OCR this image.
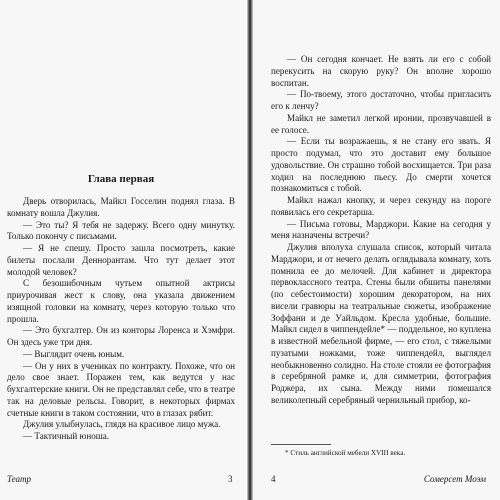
Глава первая

Дверь отворилась, Майкл Госселин поднял глаза. В комнату вошла Джулия.

— Это ты? Я тебя не задержу. Всего одну минутку. Только покончу с письмами.

— Я не спешу. Просто зашла посмотреть, какие билеты послали Деннорантам. Что тут делает этот молодой человек?

С безошибочным чутьем опытной актрисы приурочивая жест к слову, она указала движением изящной головки на комнату, через которую только что прошла.

— Это бухгалтер. Он из конторы Лоренса и Хэмфри. Он здесь уже три дня.

— Выглядит очень юным.

— Он у них в учениках по контракту. Похоже, что он дело свое знает. Поражен тем, как ведутся у нас бухгалтерские книги. Он не представлял себе, что в театре так на деловые рельсы. Говорит, в некоторых фирмах счетные книги в таком состоянии, что в глазах рябит.

Джулия улыбнулась, глядя на красивое лицо мужа.

— Тактичный юноша.

Театр	3

— Он сегодня кончает. Не взять ли его с собой перекусить на скорую руку? Он вполне хорошо воспитан.

— По-твоему, этого достаточно, чтобы пригласить его к ленчу?

Майкл не заметил легкой иронии, прозвучавшей в ее голосе.

— Если ты возражаешь, я не стану его звать. Я просто подумал, что это доставит ему большое удовольствие. Он страшно тобой восхищается. Три раза ходил на последнюю пьесу. До смерти хочется познакомиться с тобой.

Майкл нажал кнопку, и через секунду на пороге появилась его секретарша.

— Письма готовы, Марджори. Какие на сегодня у меня назначены встречи?

Джулия вполуха слушала список, который читала Марджори, и от нечего делать оглядывала комнату, хоть помнила ее до мелочей. Для кабинет и директора первоклассного театра. Стены были обшиты панелями (по себестоимости) хорошим декоратором, на них висели гравюры на театральные сюжеты, изображение Зоффани и де Уайльдом. Кресла удобные, большие. Майкл сидел в чиппендейле* — поддельное, но куплена в известной мебельной фирме, — его стол, с тяжелыми пузатыми ножками, тоже чиппендейл, выглядел необыкновенно солидно. На столе стояли ее фотография в серебряной рамке и, для симметрии, фотография Роджера, их сына. Между ними помешался великолепный серебряный чернильный прибор, ко-

* Стиль английской мебели XVIII века.
4	Сомерсет Моэм
